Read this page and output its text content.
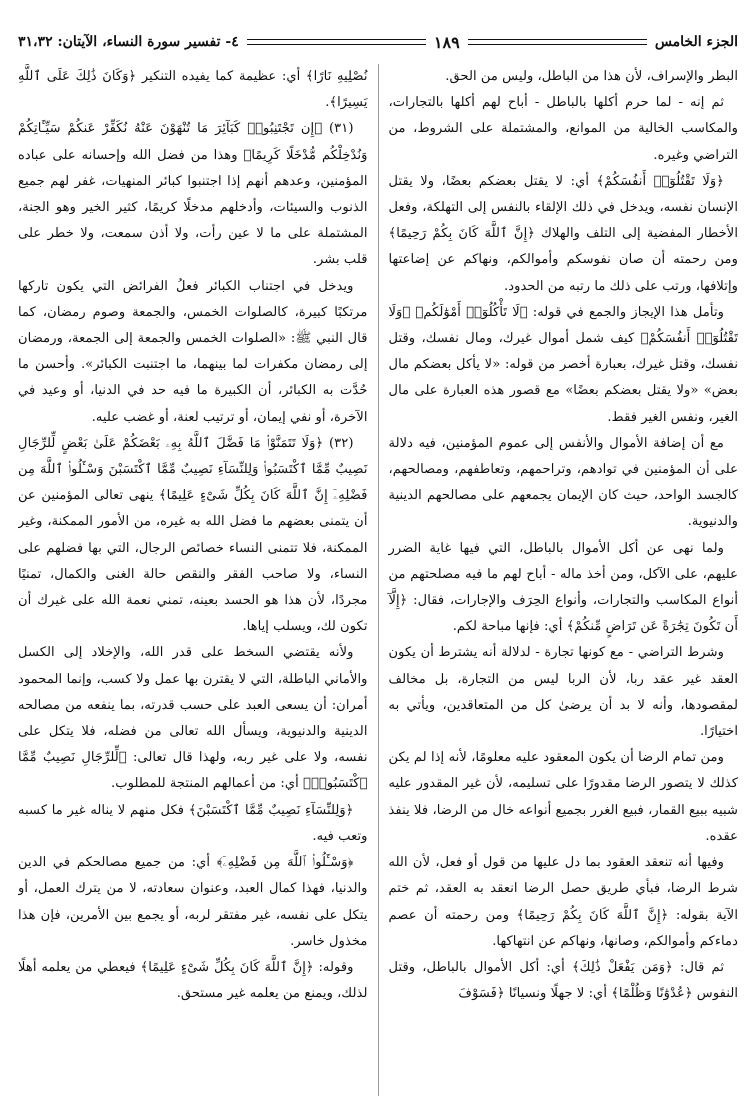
الجزء الخامس
١٨٩
٤- تفسير سورة النساء، الآيتان: ٣١،٣٢

البطر والإسراف، لأن هذا من الباطل، وليس من الحق.

ثم إنه - لما حرم أكلها بالباطل - أباح لهم أكلها بالتجارات، والمكاسب الخالية من الموانع، والمشتملة على الشروط، من التراضي وغيره.

﴿وَلَا تَقْتُلُوٓا۟ أَنفُسَكُمْ﴾ أي: لا يقتل بعضكم بعضًا، ولا يقتل الإنسان نفسه، ويدخل في ذلك الإلقاء بالنفس إلى التهلكة، وفعل الأخطار المفضية إلى التلف والهلاك ﴿إِنَّ ٱللَّهَ كَانَ بِكُمْ رَحِيمًا﴾ ومن رحمته أن صان نفوسكم وأموالكم، ونهاكم عن إضاعتها وإتلافها، ورتب على ذلك ما رتبه من الحدود.

وتأمل هذا الإيجاز والجمع في قوله: ﴿لَا تَأْكُلُوٓا۟ أَمْوَٰلَكُم﴾ ﴿وَلَا تَقْتُلُوٓا۟ أَنفُسَكُمْ﴾ كيف شمل أموال غيرك، ومال نفسك، وقتل نفسك، وقتل غيرك، بعبارة أخصر من قوله: «لا يأكل بعضكم مال بعض» «ولا يقتل بعضكم بعضًا» مع قصور هذه العبارة على مال الغير، ونفس الغير فقط.

مع أن إضافة الأموال والأنفس إلى عموم المؤمنين، فيه دلالة على أن المؤمنين في توادهم، وتراحمهم، وتعاطفهم، ومصالحهم، كالجسد الواحد، حيث كان الإيمان يجمعهم على مصالحهم الدينية والدنيوية.

ولما نهى عن أكل الأموال بالباطل، التي فيها غاية الضرر عليهم، على الآكل، ومن أخذ ماله - أباح لهم ما فيه مصلحتهم من أنواع المكاسب والتجارات، وأنواع الحِرَف والإجارات، فقال: ﴿إِلَّآ أَن تَكُونَ تِجَٰرَةً عَن تَرَاضٍ مِّنكُمْ﴾ أي: فإنها مباحة لكم.

وشرط التراضي - مع كونها تجارة - لدلالة أنه يشترط أن يكون العقد غير عقد ربا، لأن الربا ليس من التجارة، بل مخالف لمقصودها، وأنه لا بد أن يرضىٰ كل من المتعاقدين، ويأتي به اختيارًا.

ومن تمام الرضا أن يكون المعقود عليه معلومًا، لأنه إذا لم يكن كذلك لا يتصور الرضا مقدورًا على تسليمه، لأن غير المقدور عليه شبيه ببيع القمار، فبيع الغرر بجميع أنواعه خال من الرضا، فلا ينفذ عقده.

وفيها أنه تنعقد العقود بما دل عليها من قول أو فعل، لأن الله شرط الرضا، فبأي طريق حصل الرضا انعقد به العقد، ثم ختم الآية بقوله: ﴿إِنَّ ٱللَّهَ كَانَ بِكُمْ رَحِيمًا﴾ ومن رحمته أن عصم دماءكم وأموالكم، وصانها، ونهاكم عن انتهاكها.

ثم قال: ﴿وَمَن يَفْعَلْ ذَٰلِكَ﴾ أي: أكل الأموال بالباطل، وقتل النفوس ﴿عُدْوَٰنًا وَظُلْمًا﴾ أي: لا جهلًا ونسيانًا ﴿فَسَوْفَ

نُصْلِيهِ نَارًا﴾ أي: عظيمة كما يفيده التنكير ﴿وَكَانَ ذَٰلِكَ عَلَى ٱللَّهِ يَسِيرًا﴾.

(٣١) ﴿إِن تَجْتَنِبُوا۟ كَبَآئِرَ مَا تُنْهَوْنَ عَنْهُ نُكَفِّرْ عَنكُمْ سَيِّـَٔاتِكُمْ وَنُدْخِلْكُم مُّدْخَلًا كَرِيمًا﴾ وهذا من فضل الله وإحسانه على عباده المؤمنين، وعدهم أنهم إذا اجتنبوا كبائر المنهيات، غفر لهم جميع الذنوب والسيئات، وأدخلهم مدخلًا كريمًا، كثير الخير وهو الجنة، المشتملة على ما لا عين رأت، ولا أذن سمعت، ولا خطر على قلب بشر.

ويدخل في اجتناب الكبائر فعلُ الفرائض التي يكون تاركها مرتكبًا كبيرة، كالصلوات الخمس، والجمعة وصوم رمضان، كما قال النبي ﷺ: «الصلوات الخمس والجمعة إلى الجمعة، ورمضان إلى رمضان مكفرات لما بينهما، ما اجتنبت الكبائر». وأحسن ما حُدَّت به الكبائر، أن الكبيرة ما فيه حد في الدنيا، أو وعيد في الآخرة، أو نفي إيمان، أو ترتيب لعنة، أو غضب عليه.

(٣٢) ﴿وَلَا تَتَمَنَّوْا۟ مَا فَضَّلَ ٱللَّهُ بِهِۦ بَعْضَكُمْ عَلَىٰ بَعْضٍ لِّلرِّجَالِ نَصِيبٌ مِّمَّا ٱكْتَسَبُوا۟ وَلِلنِّسَآءِ نَصِيبٌ مِّمَّا ٱكْتَسَبْنَ وَسْـَٔلُوا۟ ٱللَّهَ مِن فَضْلِهِۦٓ إِنَّ ٱللَّهَ كَانَ بِكُلِّ شَىْءٍ عَلِيمًا﴾ ينهى تعالى المؤمنين عن أن يتمنى بعضهم ما فضل الله به غيره، من الأمور الممكنة، وغير الممكنة، فلا تتمنى النساء خصائص الرجال، التي بها فضلهم على النساء، ولا صاحب الفقر والنقص حالة الغنى والكمال، تمنيًا مجردًا، لأن هذا هو الحسد بعينه، تمني نعمة الله على غيرك أن تكون لك، ويسلب إياها.

ولأنه يقتضي السخط على قدر الله، والإخلاد إلى الكسل والأماني الباطلة، التي لا يقترن بها عمل ولا كسب، وإنما المحمود أمران: أن يسعى العبد على حسب قدرته، بما ينفعه من مصالحه الدينية والدنيوية، ويسأل الله تعالى من فضله، فلا يتكل على نفسه، ولا على غير ربه، ولهذا قال تعالى: ﴿لِّلرِّجَالِ نَصِيبٌ مِّمَّا ٱكْتَسَبُوا۟﴾ أي: من أعمالهم المنتجة للمطلوب.

﴿وَلِلنِّسَآءِ نَصِيبٌ مِّمَّا ٱكْتَسَبْنَ﴾ فكل منهم لا يناله غير ما كسبه وتعب فيه.

﴿وَسْـَٔلُوا۟ ٱللَّهَ مِن فَضْلِهِۦٓ﴾ أي: من جميع مصالحكم في الدين والدنيا، فهذا كمال العبد، وعنوان سعادته، لا من يترك العمل، أو يتكل على نفسه، غير مفتقر لربه، أو يجمع بين الأمرين، فإن هذا مخذول خاسر.

وقوله: ﴿إِنَّ ٱللَّهَ كَانَ بِكُلِّ شَىْءٍ عَلِيمًا﴾ فيعطي من يعلمه أهلًا لذلك، ويمنع من يعلمه غير مستحق.
